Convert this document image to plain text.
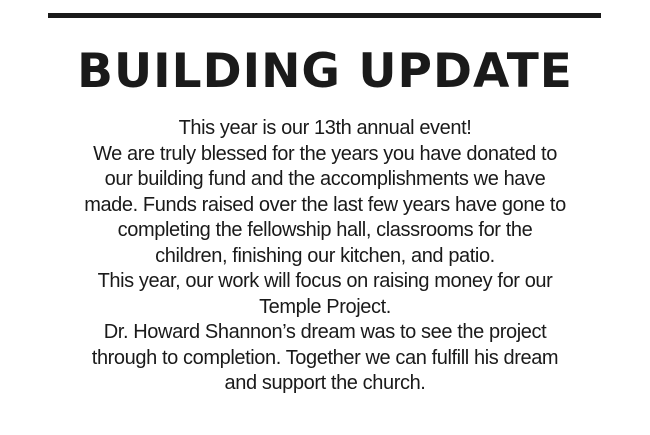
BUILDING UPDATE
This year is our 13th annual event!
We are truly blessed for the years you have donated to
our building fund and the accomplishments we have
made. Funds raised over the last few years have gone to
completing the fellowship hall, classrooms for the
children, finishing our kitchen, and patio.
This year, our work will focus on raising money for our
Temple Project.
Dr. Howard Shannon’s dream was to see the project
through to completion. Together we can fulfill his dream
and support the church.
